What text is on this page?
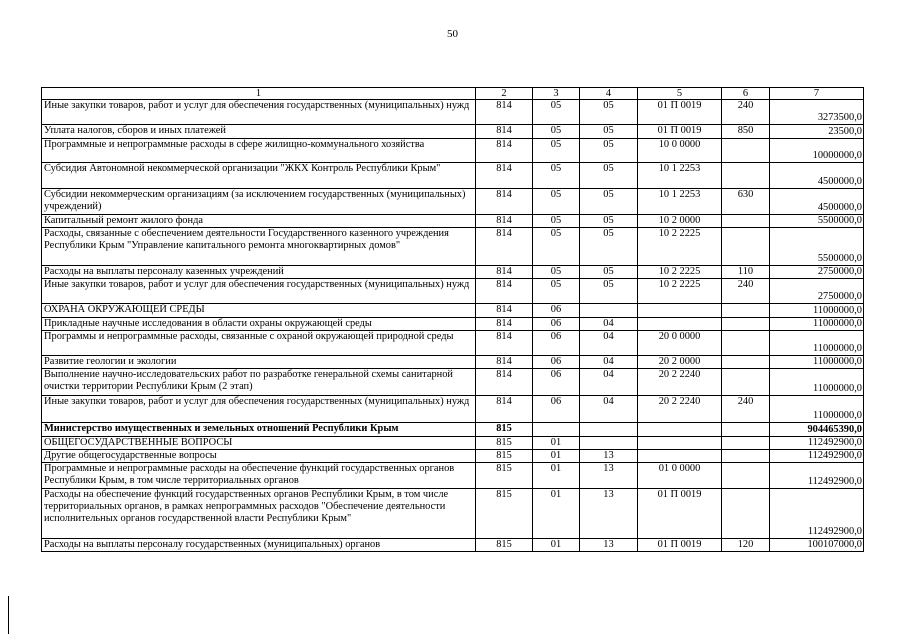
50
1	2	3	4	5	6	7
Иные закупки товаров, работ и услуг для обеспечения государственных (муниципальных) нужд	814	05	05	01 П 0019	240	3273500,0
Уплата налогов, сборов и иных платежей	814	05	05	01 П 0019	850	23500,0
Программные и непрограммные расходы в сфере жилищно-коммунального хозяйства	814	05	05	10 0 0000		10000000,0
Субсидия Автономной некоммерческой организации "ЖКХ Контроль Республики Крым"	814	05	05	10 1 2253		4500000,0
Субсидии некоммерческим организациям (за исключением государственных (муниципальных) учреждений)	814	05	05	10 1 2253	630	4500000,0
Капитальный ремонт жилого фонда	814	05	05	10 2 0000		5500000,0
Расходы, связанные с обеспечением деятельности Государственного казенного учреждения Республики Крым "Управление капитального ремонта многоквартирных домов"	814	05	05	10 2 2225		5500000,0
Расходы на выплаты персоналу казенных учреждений	814	05	05	10 2 2225	110	2750000,0
Иные закупки товаров, работ и услуг для обеспечения государственных (муниципальных) нужд	814	05	05	10 2 2225	240	2750000,0
ОХРАНА ОКРУЖАЮЩЕЙ СРЕДЫ	814	06				11000000,0
Прикладные научные исследования в области охраны окружающей среды	814	06	04			11000000,0
Программы и непрограммные расходы, связанные с охраной окружающей природной среды	814	06	04	20 0 0000		11000000,0
Развитие геологии и экологии	814	06	04	20 2 0000		11000000,0
Выполнение научно-исследовательских работ по разработке генеральной схемы санитарной очистки территории Республики Крым (2 этап)	814	06	04	20 2 2240		11000000,0
Иные закупки товаров, работ и услуг для обеспечения государственных (муниципальных) нужд	814	06	04	20 2 2240	240	11000000,0
Министерство имущественных и земельных отношений Республики Крым	815					904465390,0
ОБЩЕГОСУДАРСТВЕННЫЕ ВОПРОСЫ	815	01				112492900,0
Другие общегосударственные вопросы	815	01	13			112492900,0
Программные и непрограммные расходы на обеспечение функций государственных органов Республики Крым, в том числе территориальных органов	815	01	13	01 0 0000		112492900,0
Расходы на обеспечение функций государственных органов Республики Крым, в том числе территориальных органов, в рамках непрограммных расходов "Обеспечение деятельности исполнительных органов государственной власти Республики Крым"	815	01	13	01 П 0019		112492900,0
Расходы на выплаты персоналу государственных (муниципальных) органов	815	01	13	01 П 0019	120	100107000,0
